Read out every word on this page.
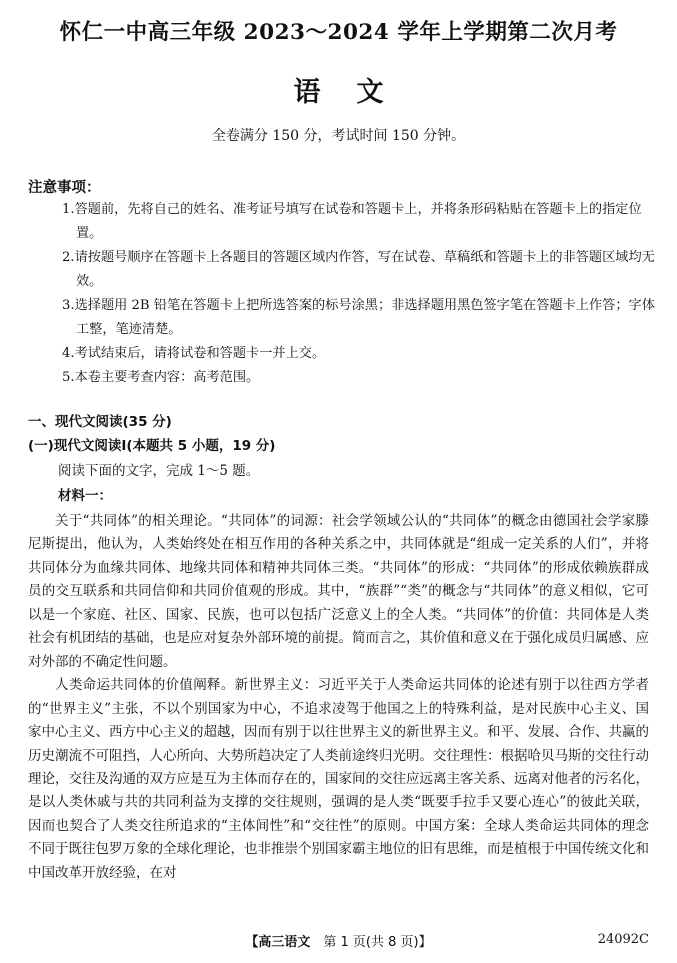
怀仁一中高三年级 2023～2024 学年上学期第二次月考
语文
全卷满分 150 分，考试时间 150 分钟。
注意事项：
1.答题前，先将自己的姓名、准考证号填写在试卷和答题卡上，并将条形码粘贴在答题卡上的指定位置。
2.请按题号顺序在答题卡上各题目的答题区域内作答，写在试卷、草稿纸和答题卡上的非答题区域均无效。
3.选择题用 2B 铅笔在答题卡上把所选答案的标号涂黑；非选择题用黑色签字笔在答题卡上作答；字体工整，笔迹清楚。
4.考试结束后，请将试卷和答题卡一并上交。
5.本卷主要考查内容：高考范围。
一、现代文阅读(35 分)
(一)现代文阅读Ⅰ(本题共 5 小题，19 分)
阅读下面的文字，完成 1～5 题。
材料一：

关于“共同体”的相关理论。“共同体”的词源：社会学领域公认的“共同体”的概念由德国社会学家滕尼斯提出，他认为，人类始终处在相互作用的各种关系之中，共同体就是“组成一定关系的人们”，并将共同体分为血缘共同体、地缘共同体和精神共同体三类。“共同体”的形成：“共同体”的形成依赖族群成员的交互联系和共同信仰和共同价值观的形成。其中，“族群”“类”的概念与“共同体”的意义相似，它可以是一个家庭、社区、国家、民族，也可以包括广泛意义上的全人类。“共同体”的价值：共同体是人类社会有机团结的基础，也是应对复杂外部环境的前提。简而言之，其价值和意义在于强化成员归属感、应对外部的不确定性问题。

人类命运共同体的价值阐释。新世界主义：习近平关于人类命运共同体的论述有别于以往西方学者的“世界主义”主张，不以个别国家为中心，不追求凌驾于他国之上的特殊利益，是对民族中心主义、国家中心主义、西方中心主义的超越，因而有别于以往世界主义的新世界主义。和平、发展、合作、共赢的历史潮流不可阻挡，人心所向、大势所趋决定了人类前途终归光明。交往理性：根据哈贝马斯的交往行动理论，交往及沟通的双方应是互为主体而存在的，国家间的交往应远离主客关系、远离对他者的污名化，是以人类休戚与共的共同利益为支撑的交往规则，强调的是人类“既要手拉手又要心连心”的彼此关联，因而也契合了人类交往所追求的“主体间性”和“交往性”的原则。中国方案：全球人类命运共同体的理念不同于既往包罗万象的全球化理论，也非推崇个别国家霸主地位的旧有思维，而是植根于中国传统文化和中国改革开放经验，在对

【高三语文  第 1 页(共 8 页)】	24092C
